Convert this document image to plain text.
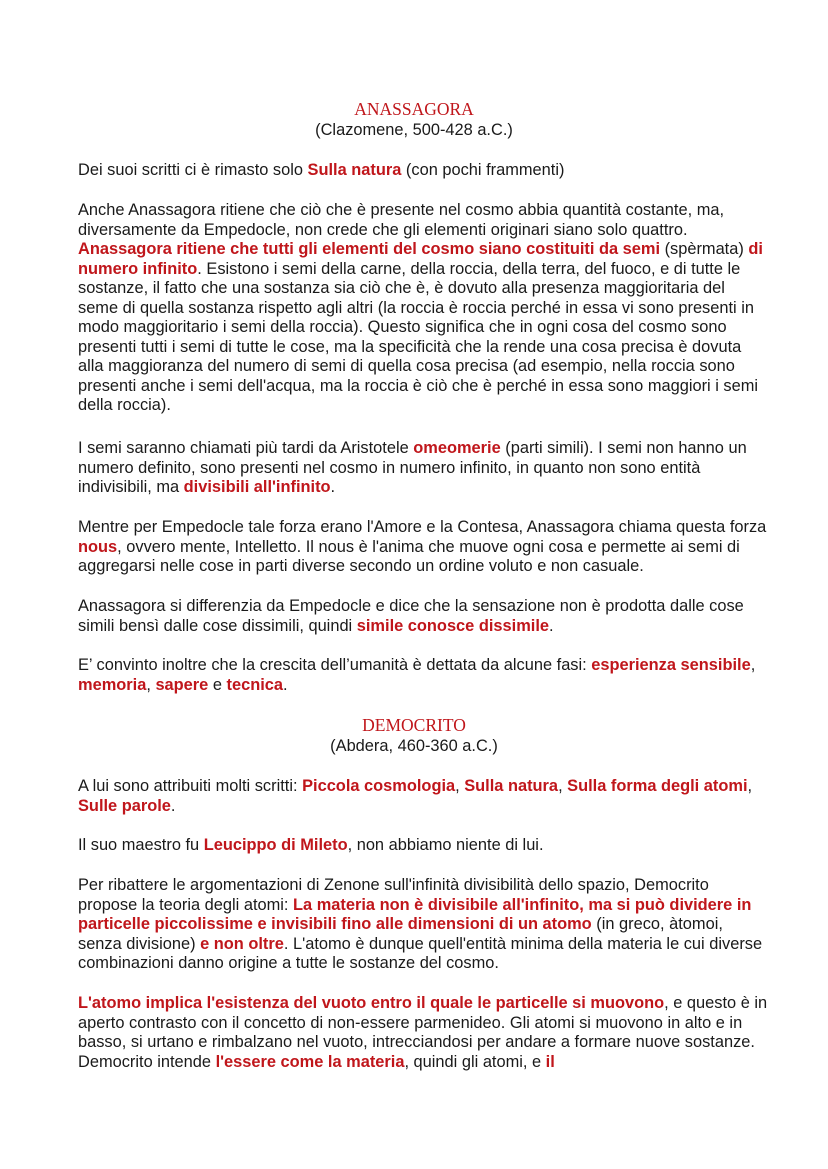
ANASSAGORA
(Clazomene, 500-428 a.C.)

Dei suoi scritti ci è rimasto solo Sulla natura (con pochi frammenti)

Anche Anassagora ritiene che ciò che è presente nel cosmo abbia quantità costante, ma, diversamente da Empedocle, non crede che gli elementi originari siano solo quattro. Anassagora ritiene che tutti gli elementi del cosmo siano costituiti da semi (spèrmata) di numero infinito. Esistono i semi della carne, della roccia, della terra, del fuoco, e di tutte le sostanze, il fatto che una sostanza sia ciò che è, è dovuto alla presenza maggioritaria del seme di quella sostanza rispetto agli altri (la roccia è roccia perché in essa vi sono presenti in modo maggioritario i semi della roccia). Questo significa che in ogni cosa del cosmo sono presenti tutti i semi di tutte le cose, ma la specificità che la rende una cosa precisa è dovuta alla maggioranza del numero di semi di quella cosa precisa (ad esempio, nella roccia sono presenti anche i semi dell'acqua, ma la roccia è ciò che è perché in essa sono maggiori i semi della roccia).

I semi saranno chiamati più tardi da Aristotele omeomerie (parti simili). I semi non hanno un numero definito, sono presenti nel cosmo in numero infinito, in quanto non sono entità indivisibili, ma divisibili all'infinito.

Mentre per Empedocle tale forza erano l'Amore e la Contesa, Anassagora chiama questa forza nous, ovvero mente, Intelletto. Il nous è l'anima che muove ogni cosa e permette ai semi di aggregarsi nelle cose in parti diverse secondo un ordine voluto e non casuale.

Anassagora si differenzia da Empedocle e dice che la sensazione non è prodotta dalle cose simili bensì dalle cose dissimili, quindi simile conosce dissimile.

E’ convinto inoltre che la crescita dell’umanità è dettata da alcune fasi: esperienza sensibile, memoria, sapere e tecnica.

DEMOCRITO
(Abdera, 460-360 a.C.)

A lui sono attribuiti molti scritti: Piccola cosmologia, Sulla natura, Sulla forma degli atomi, Sulle parole.

Il suo maestro fu Leucippo di Mileto, non abbiamo niente di lui.

Per ribattere le argomentazioni di Zenone sull'infinità divisibilità dello spazio, Democrito propose la teoria degli atomi: La materia non è divisibile all'infinito, ma si può dividere in particelle piccolissime e invisibili fino alle dimensioni di un atomo (in greco, àtomoi, senza divisione) e non oltre. L'atomo è dunque quell'entità minima della materia le cui diverse combinazioni danno origine a tutte le sostanze del cosmo.

L'atomo implica l'esistenza del vuoto entro il quale le particelle si muovono, e questo è in aperto contrasto con il concetto di non-essere parmenideo. Gli atomi si muovono in alto e in basso, si urtano e rimbalzano nel vuoto, intrecciandosi per andare a formare nuove sostanze. Democrito intende l'essere come la materia, quindi gli atomi, e il
